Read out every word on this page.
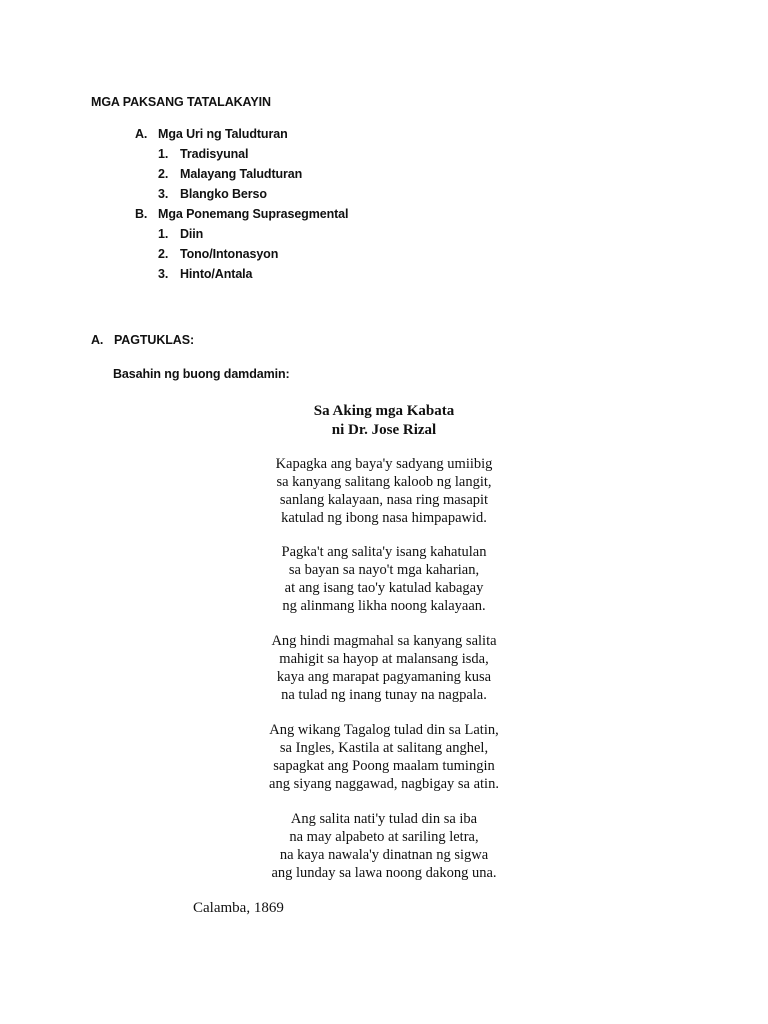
MGA PAKSANG TATALAKAYIN
A. Mga Uri ng Taludturan
1. Tradisyunal
2. Malayang Taludturan
3. Blangko Berso
B. Mga Ponemang Suprasegmental
1. Diin
2. Tono/Intonasyon
3. Hinto/Antala
A. PAGTUKLAS:
Basahin ng buong damdamin:
Sa Aking mga Kabata
ni Dr. Jose Rizal
Kapagka ang baya'y sadyang umiibig
sa kanyang salitang kaloob ng langit,
sanlang kalayaan, nasa ring masapit
katulad ng ibong nasa himpapawid.
Pagka't ang salita'y isang kahatulan
sa bayan sa nayo't mga kaharian,
at ang isang tao'y katulad kabagay
ng alinmang likha noong kalayaan.
Ang hindi magmahal sa kanyang salita
mahigit sa hayop at malansang isda,
kaya ang marapat pagyamaning kusa
na tulad ng inang tunay na nagpala.
Ang wikang Tagalog tulad din sa Latin,
sa Ingles, Kastila at salitang anghel,
sapagkat ang Poong maalam tumingin
ang siyang naggawad, nagbigay sa atin.
Ang salita nati'y tulad din sa iba
na may alpabeto at sariling letra,
na kaya nawala'y dinatnan ng sigwa
ang lunday sa lawa noong dakong una.
Calamba, 1869
